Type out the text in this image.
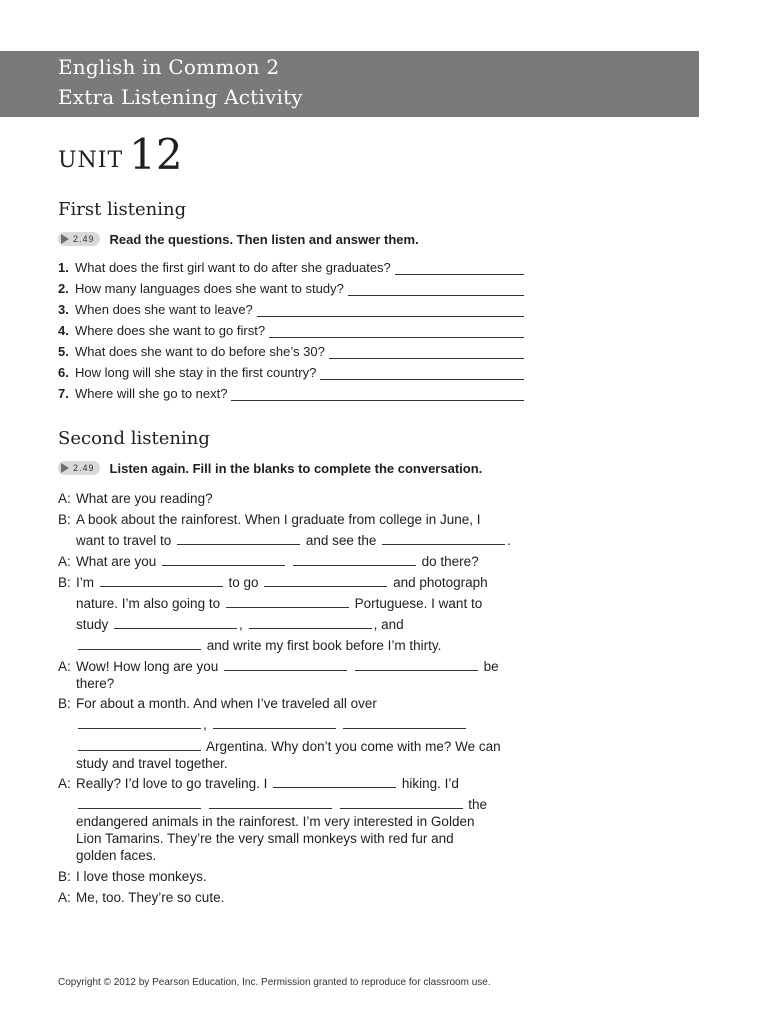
English in Common 2
Extra Listening Activity
UNIT 12
First listening
2.49 Read the questions. Then listen and answer them.
1. What does the first girl want to do after she graduates?
2. How many languages does she want to study?
3. When does she want to leave?
4. Where does she want to go first?
5. What does she want to do before she’s 30?
6. How long will she stay in the first country?
7. Where will she go to next?
Second listening
2.49 Listen again. Fill in the blanks to complete the conversation.
A: What are you reading?
B: A book about the rainforest. When I graduate from college in June, I
want to travel to	and see the	.
A: What are you	do there?
B: I’m	to go	and photograph
nature. I’m also going to	Portuguese. I want to
study	,	, and
and write my first book before I’m thirty.
A: Wow! How long are you	be
there?
B: For about a month. And when I’ve traveled all over
,
Argentina. Why don’t you come with me? We can
study and travel together.
A: Really? I’d love to go traveling. I	hiking. I’d
the
endangered animals in the rainforest. I’m very interested in Golden
Lion Tamarins. They’re the very small monkeys with red fur and
golden faces.
B: I love those monkeys.
A: Me, too. They’re so cute.
Copyright © 2012 by Pearson Education, Inc. Permission granted to reproduce for classroom use.
